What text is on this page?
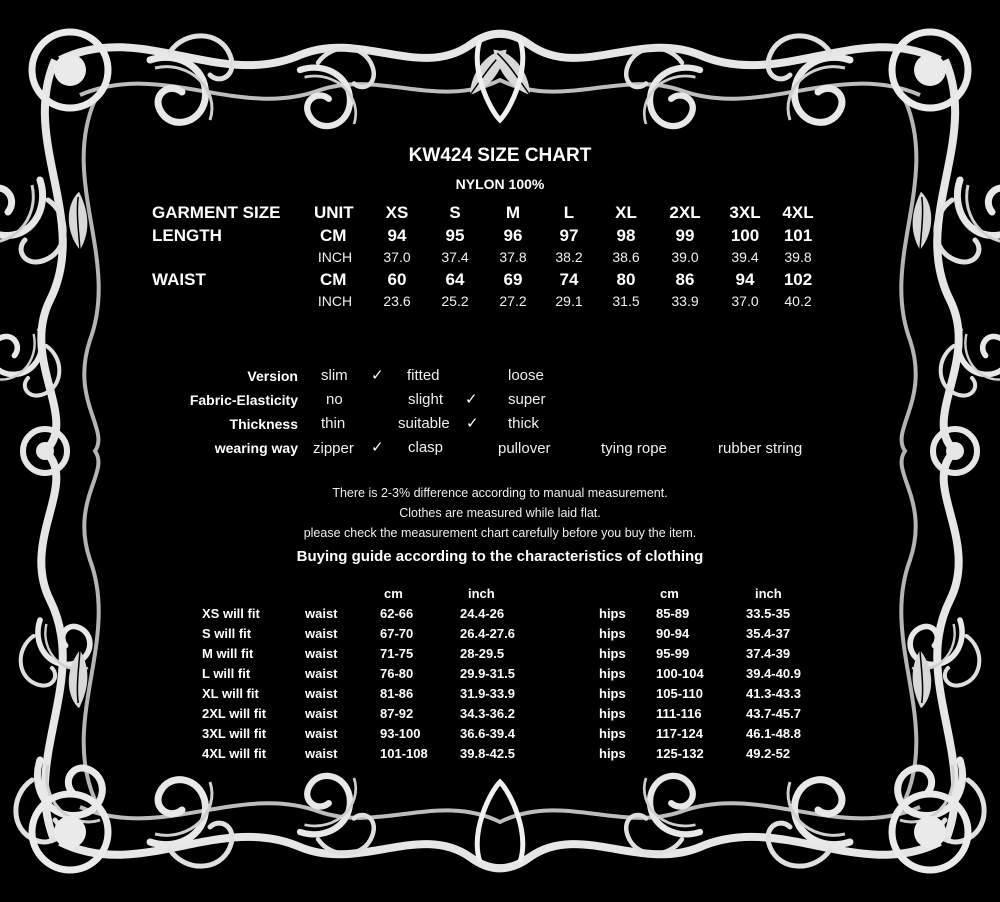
KW424 SIZE CHART
NYLON 100%
GARMENT SIZE UNIT	XS	S	M	L	XL	2XL	3XL	4XL
LENGTH	CM	94	95	96	97	98	99	100	101
INCH	37.0	37.4	37.8	38.2	38.6	39.0	39.4	39.8
WAIST	CM	60	64	69	74	80	86	94	102
INCH	23.6	25.2	27.2	29.1	31.5	33.9	37.0	40.2
Version slim ✓ fitted	loose
Fabric-Elasticity no	slight ✓ super
Thickness thin	suitable ✓ thick
wearing way zipper ✓ clasp	pullover	tying rope	rubber string
There is 2-3% difference according to manual measurement.
Clothes are measured while laid flat.
please check the measurement chart carefully before you buy the item.
Buying guide according to the characteristics of clothing
cm	inch	cm	inch
XS will fit	waist	62-66	24.4-26	hips 85-89	33.5-35
S will fit	waist	67-70	26.4-27.6	hips 90-94	35.4-37
M will fit	waist	71-75	28-29.5	hips 95-99	37.4-39
L will fit	waist	76-80	29.9-31.5	hips 100-104	39.4-40.9
XL will fit	waist	81-86	31.9-33.9	hips 105-110	41.3-43.3
2XL will fit	waist	87-92	34.3-36.2	hips 111-116	43.7-45.7
3XL will fit	waist	93-100	36.6-39.4	hips 117-124	46.1-48.8
4XL will fit	waist	101-108 39.8-42.5	hips 125-132	49.2-52
